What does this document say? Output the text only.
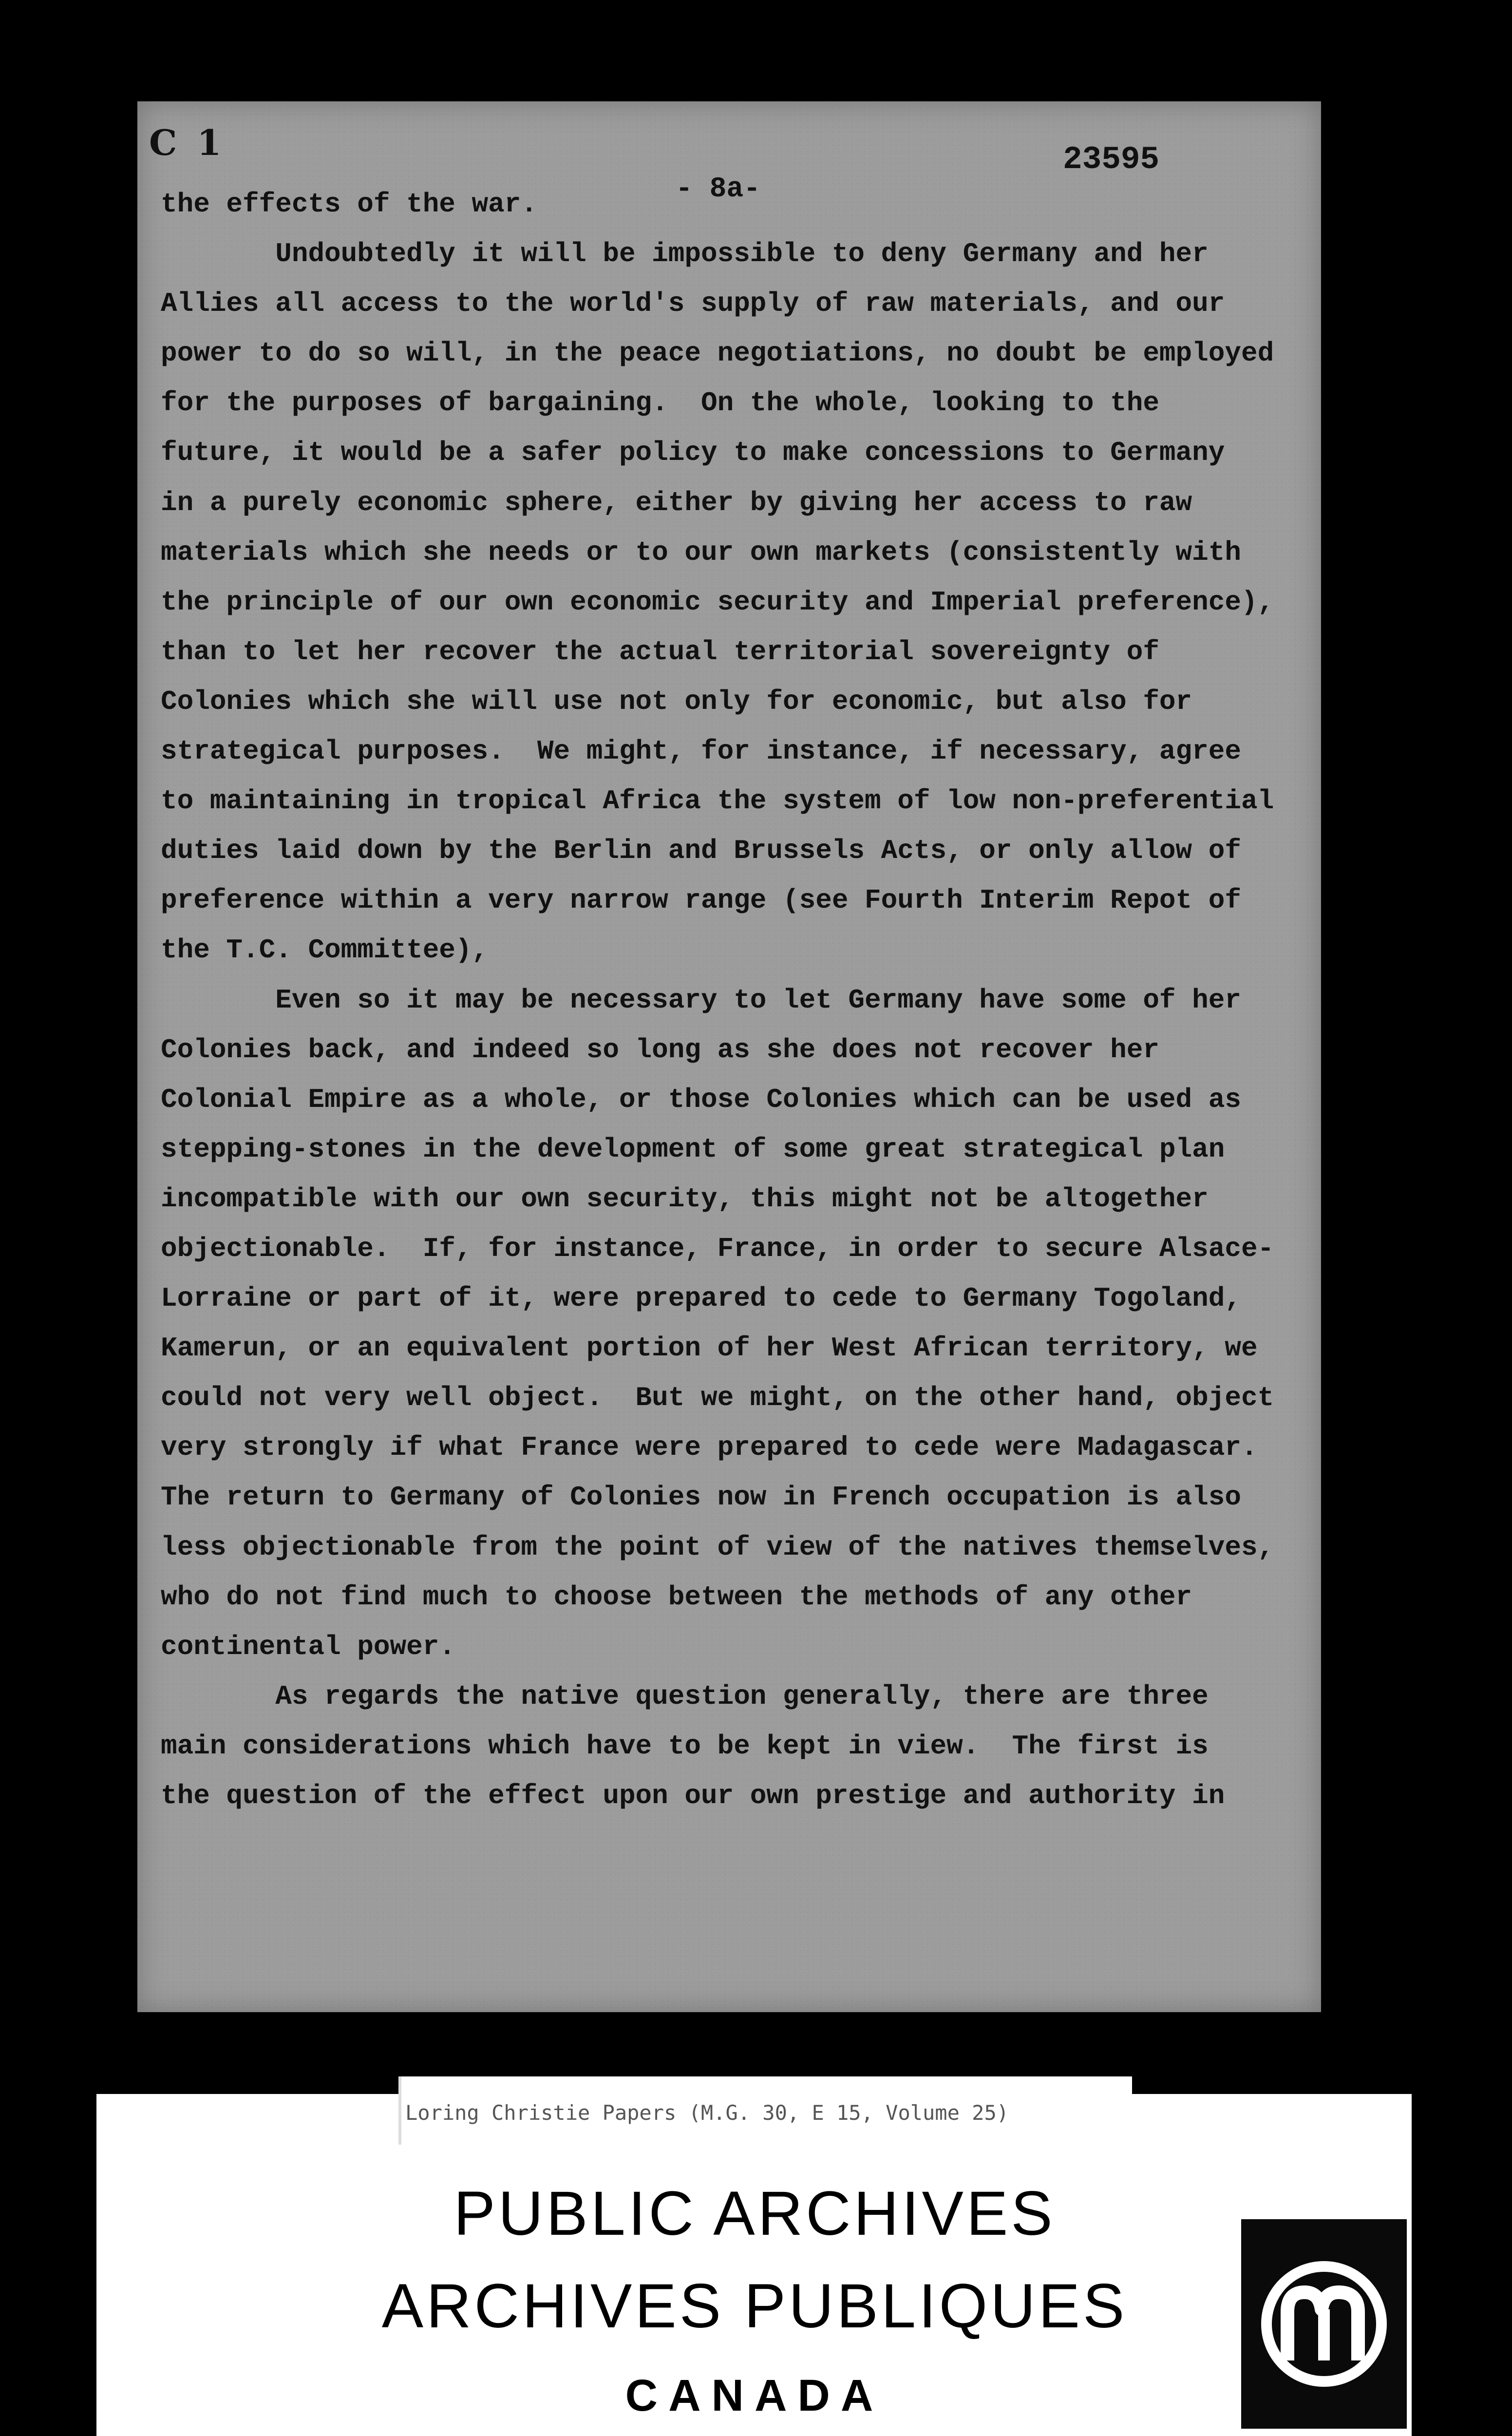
C 1
- 8a-
23595
the effects of the war.
Undoubtedly it will be impossible to deny Germany and her
Allies all access to the world's supply of raw materials, and our
power to do so will, in the peace negotiations, no doubt be employed
for the purposes of bargaining.  On the whole, looking to the
future, it would be a safer policy to make concessions to Germany
in a purely economic sphere, either by giving her access to raw
materials which she needs or to our own markets (consistently with
the principle of our own economic security and Imperial preference),
than to let her recover the actual territorial sovereignty of
Colonies which she will use not only for economic, but also for
strategical purposes.  We might, for instance, if necessary, agree
to maintaining in tropical Africa the system of low non-preferential
duties laid down by the Berlin and Brussels Acts, or only allow of
preference within a very narrow range (see Fourth Interim Repot of
the T.C. Committee),
Even so it may be necessary to let Germany have some of her
Colonies back, and indeed so long as she does not recover her
Colonial Empire as a whole, or those Colonies which can be used as
stepping-stones in the development of some great strategical plan
incompatible with our own security, this might not be altogether
objectionable.  If, for instance, France, in order to secure Alsace-
Lorraine or part of it, were prepared to cede to Germany Togoland,
Kamerun, or an equivalent portion of her West African territory, we
could not very well object.  But we might, on the other hand, object
very strongly if what France were prepared to cede were Madagascar.
The return to Germany of Colonies now in French occupation is also
less objectionable from the point of view of the natives themselves,
who do not find much to choose between the methods of any other
continental power.
As regards the native question generally, there are three
main considerations which have to be kept in view.  The first is
the question of the effect upon our own prestige and authority in
Loring Christie Papers (M.G. 30, E 15, Volume 25)
PUBLIC ARCHIVES
ARCHIVES PUBLIQUES
CANADA
